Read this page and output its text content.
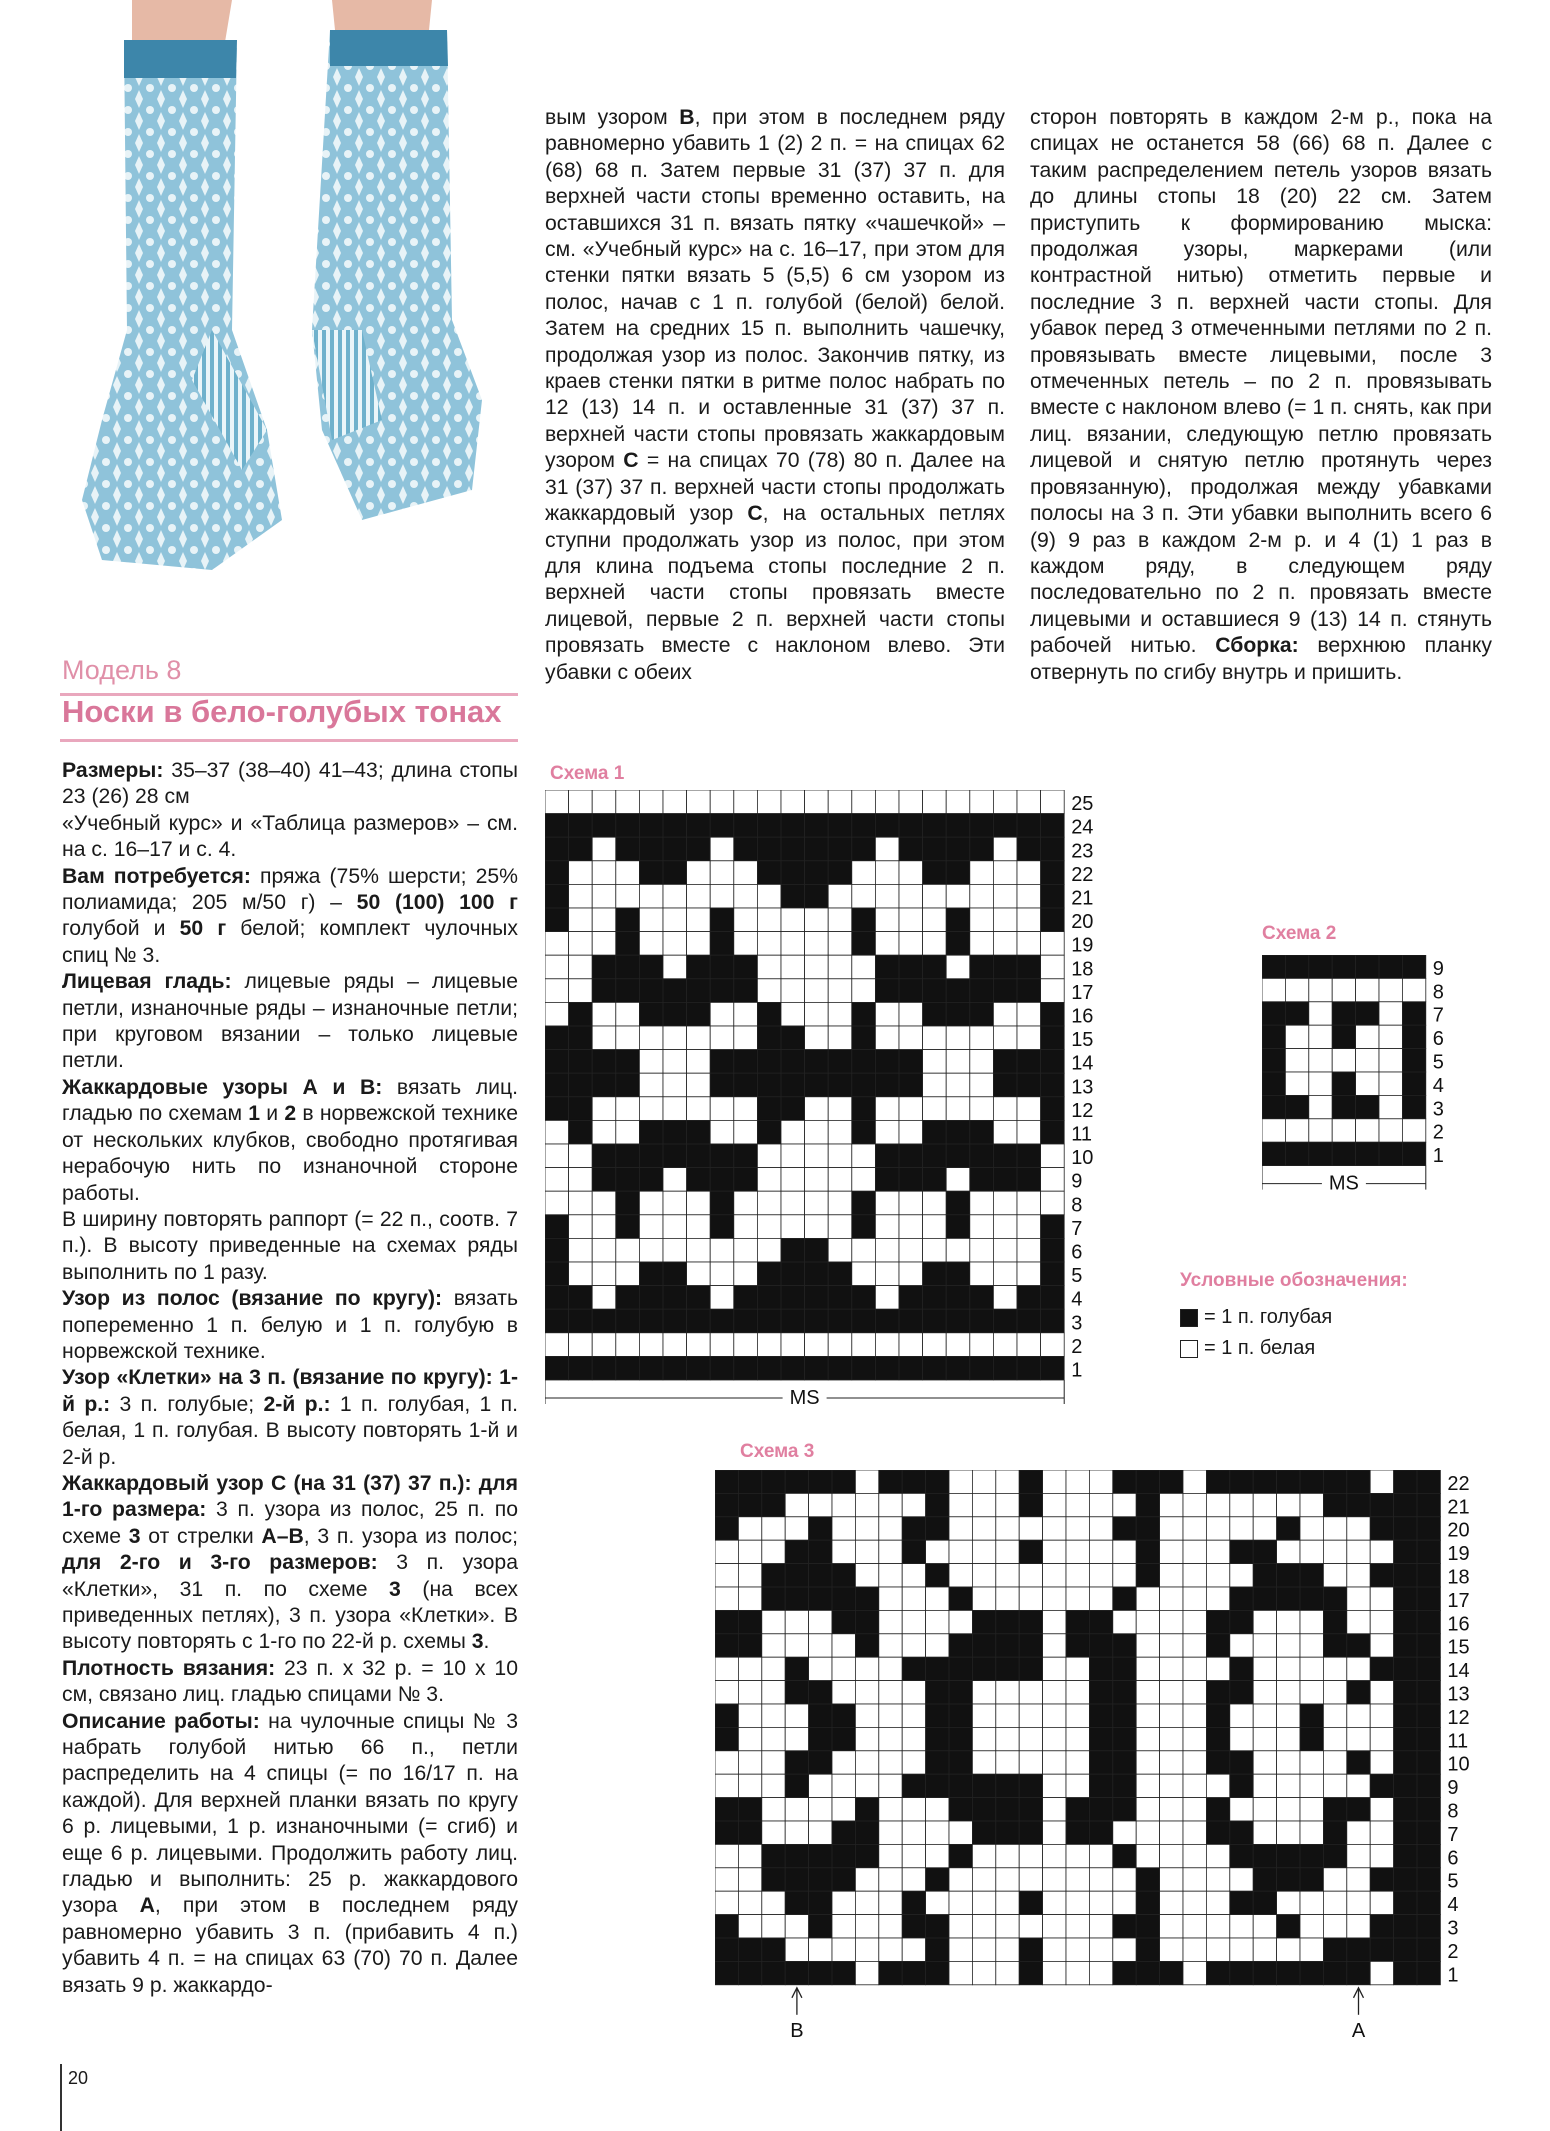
Модель 8
Носки в бело-голубых тонах

Размеры: 35–37 (38–40) 41–43; длина стопы 23 (26) 28 см

«Учебный курс» и «Таблица размеров» – см. на с. 16–17 и с. 4.

Вам потребуется: пряжа (75% шерсти; 25% полиамида; 205 м/50 г) – 50 (100) 100 г голубой и 50 г белой; комплект чулочных спиц № 3.

Лицевая гладь: лицевые ряды – лицевые петли, изнаночные ряды – изнаночные петли; при круговом вязании – только лицевые петли.

Жаккардовые узоры А и В: вязать лиц. гладью по схемам 1 и 2 в норвежской технике от нескольких клубков, свободно протягивая нерабочую нить по изнаночной стороне работы.

В ширину повторять раппорт (= 22 п., соотв. 7 п.). В высоту приведенные на схемах ряды выполнить по 1 разу.

Узор из полос (вязание по кругу): вязать попеременно 1 п. белую и 1 п. голубую в норвежской технике.

Узор «Клетки» на 3 п. (вязание по кругу): 1-й р.: 3 п. голубые; 2-й р.: 1 п. голубая, 1 п. белая, 1 п. голубая. В высоту повторять 1-й и 2-й р.

Жаккардовый узор С (на 31 (37) 37 п.): для 1-го размера: 3 п. узора из полос, 25 п. по схеме 3 от стрелки А–В, 3 п. узора из полос; для 2-го и 3-го размеров: 3 п. узора «Клетки», 31 п. по схеме 3 (на всех приведенных петлях), 3 п. узора «Клетки». В высоту повторять с 1-го по 22-й р. схемы 3.

Плотность вязания: 23 п. х 32 р. = 10 х 10 см, связано лиц. гладью спицами № 3.

Описание работы: на чулочные спицы № 3 набрать голубой нитью 66 п., петли распределить на 4 спицы (= по 16/17 п. на каждой). Для верхней планки вязать по кругу 6 р. лицевыми, 1 р. изнаночными (= сгиб) и еще 6 р. лицевыми. Продолжить работу лиц. гладью и выполнить: 25 р. жаккардового узора А, при этом в последнем ряду равномерно убавить 3 п. (прибавить 4 п.) убавить 4 п. = на спицах 63 (70) 70 п. Далее вязать 9 р. жаккардо-

вым узором В, при этом в последнем ряду равномерно убавить 1 (2) 2 п. = на спицах 62 (68) 68 п. Затем первые 31 (37) 37 п. для верхней части стопы временно оставить, на оставшихся 31 п. вязать пятку «чашечкой» – см. «Учебный курс» на с. 16–17, при этом для стенки пятки вязать 5 (5,5) 6 см узором из полос, начав с 1 п. голубой (белой) белой. Затем на средних 15 п. выполнить чашечку, продолжая узор из полос. Закончив пятку, из краев стенки пятки в ритме полос набрать по 12 (13) 14 п. и оставленные 31 (37) 37 п. верхней части стопы провязать жаккардовым узором С = на спицах 70 (78) 80 п. Далее на 31 (37) 37 п. верхней части стопы продолжать жаккардовый узор С, на остальных петлях ступни продолжать узор из полос, при этом для клина подъема стопы последние 2 п. верхней части стопы провязать вместе лицевой, первые 2 п. верхней части стопы провязать вместе с наклоном влево. Эти убавки с обеих

сторон повторять в каждом 2-м р., пока на спицах не останется 58 (66) 68 п. Далее с таким распределением петель узоров вязать до длины стопы 18 (20) 22 см. Затем приступить к формированию мыска: продолжая узоры, маркерами (или контрастной нитью) отметить первые и последние 3 п. верхней части стопы. Для убавок перед 3 отмеченными петлями по 2 п. провязывать вместе лицевыми, после 3 отмеченных петель – по 2 п. провязывать вместе с наклоном влево (= 1 п. снять, как при лиц. вязании, следующую петлю провязать лицевой и снятую петлю протянуть через провязанную), продолжая между убавками полосы на 3 п. Эти убавки выполнить всего 6 (9) 9 раз в каждом 2-м р. и 4 (1) 1 раз в каждом ряду, в следующем ряду последовательно по 2 п. провязать вместе лицевыми и оставшиеся 9 (13) 14 п. стянуть рабочей нитью. Сборка: верхнюю планку отвернуть по сгибу внутрь и пришить.

Схема 1
25
24
23
22
21
20
19
18
17
16
15
14
13
12
11
10
9
8
7
6
5
4
3
2
1
MS
Схема 2
9
8
7
6
5
4
3
2
1
MS
Условные обозначения:
= 1 п. голубая
= 1 п. белая
Схема 3
22
21
20
19
18
17
16
15
14
13
12
11
10
9
8
7
6
5
4
3
2
1
В	А
20
